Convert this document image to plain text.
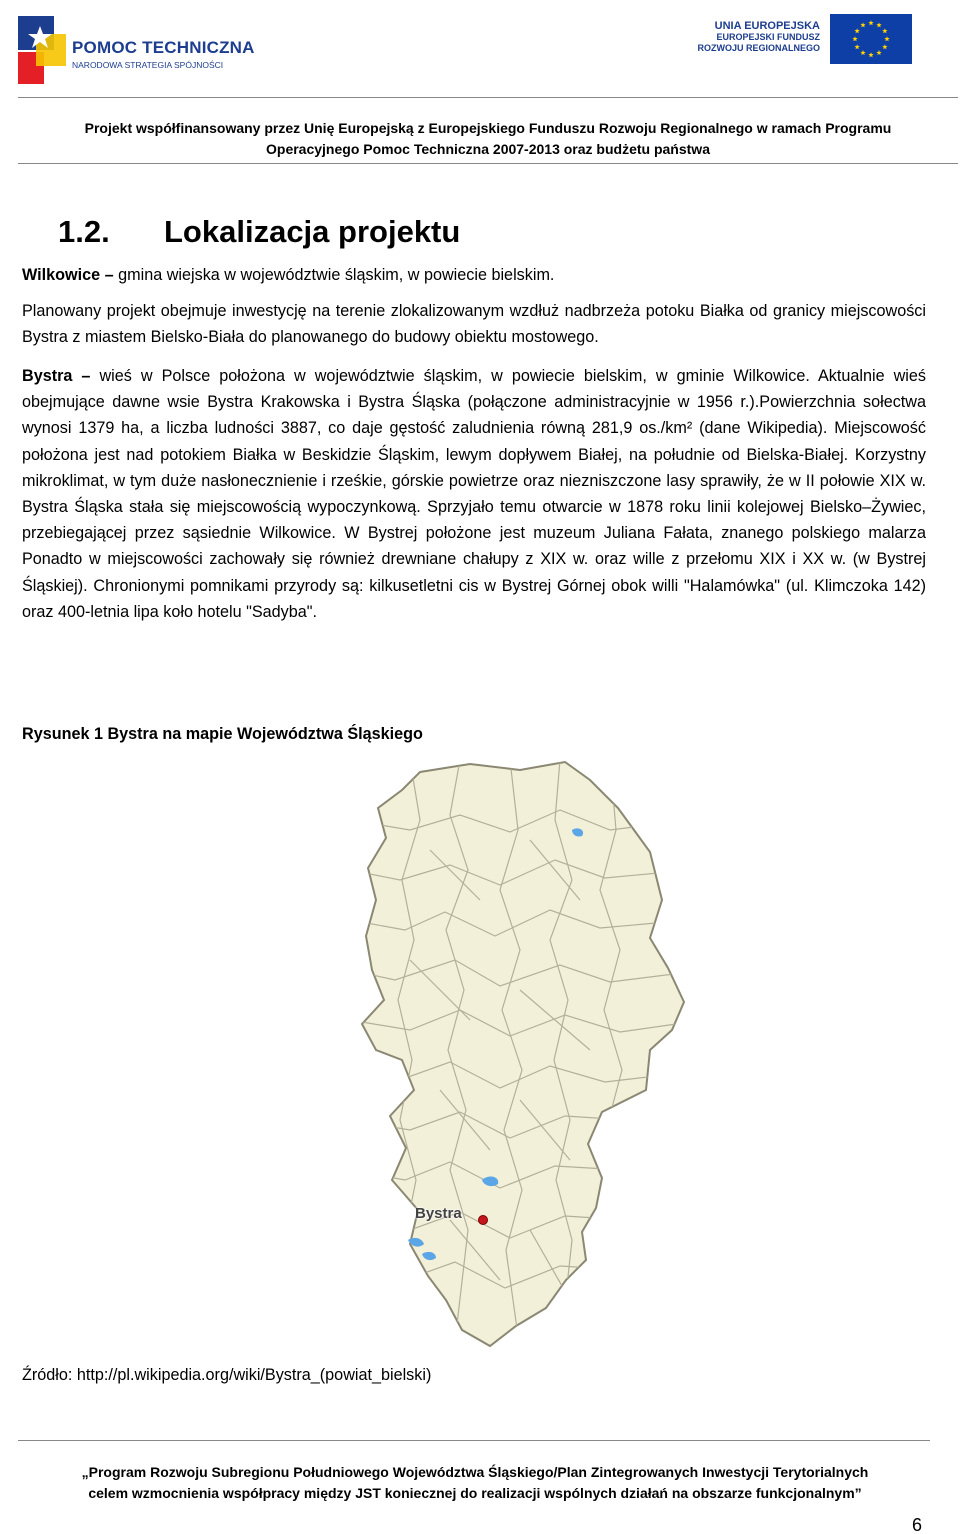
POMOC TECHNICZNA
NARODOWA STRATEGIA SPÓJNOŚCI
UNIA EUROPEJSKA
EUROPEJSKI FUNDUSZ
ROZWOJU REGIONALNEGO
Projekt współfinansowany przez Unię Europejską z Europejskiego Funduszu Rozwoju Regionalnego w ramach Programu
Operacyjnego Pomoc Techniczna 2007-2013 oraz budżetu państwa
1.2. Lokalizacja projektu
Wilkowice – gmina wiejska w województwie śląskim, w powiecie bielskim.
Planowany projekt obejmuje inwestycję na terenie zlokalizowanym wzdłuż nadbrzeża potoku Białka od granicy miejscowości Bystra z miastem Bielsko-Biała do planowanego do budowy obiektu mostowego.
Bystra – wieś w Polsce położona w województwie śląskim, w powiecie bielskim, w gminie Wilkowice. Aktualnie wieś obejmujące dawne wsie Bystra Krakowska i Bystra Śląska (połączone administracyjnie w 1956 r.).Powierzchnia sołectwa wynosi 1379 ha, a liczba ludności 3887, co daje gęstość zaludnienia równą 281,9 os./km² (dane Wikipedia). Miejscowość położona jest nad potokiem Białka w Beskidzie Śląskim, lewym dopływem Białej, na południe od Bielska-Białej. Korzystny mikroklimat, w tym duże nasłonecznienie i rześkie, górskie powietrze oraz niezniszczone lasy sprawiły, że w II połowie XIX w. Bystra Śląska stała się miejscowością wypoczynkową. Sprzyjało temu otwarcie w 1878 roku linii kolejowej Bielsko–Żywiec, przebiegającej przez sąsiednie Wilkowice. W Bystrej położone jest muzeum Juliana Fałata, znanego polskiego malarza Ponadto w miejscowości zachowały się również drewniane chałupy z XIX w. oraz wille z przełomu XIX i XX w. (w Bystrej Śląskiej). Chronionymi pomnikami przyrody są: kilkusetletni cis w Bystrej Górnej obok willi "Halamówka" (ul. Klimczoka 142) oraz 400-letnia lipa koło hotelu "Sadyba".
Rysunek 1 Bystra na mapie Województwa Śląskiego
Bystra
Źródło: http://pl.wikipedia.org/wiki/Bystra_(powiat_bielski)
„Program Rozwoju Subregionu Południowego Województwa Śląskiego/Plan Zintegrowanych Inwestycji Terytorialnych
celem wzmocnienia współpracy między JST koniecznej do realizacji wspólnych działań na obszarze funkcjonalnym”
6
